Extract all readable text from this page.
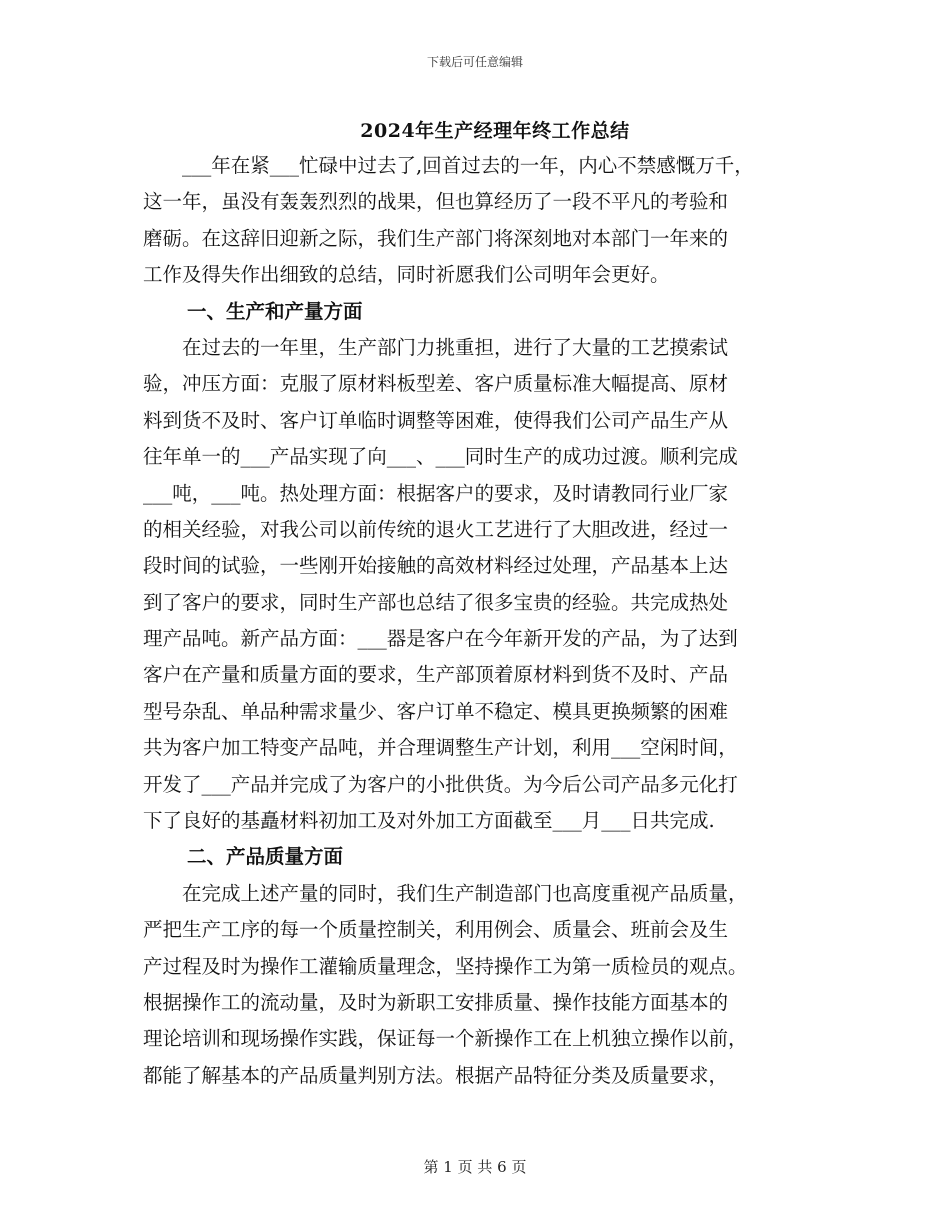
下载后可任意编辑
2024年生产经理年终工作总结
　　___年在紧___忙碌中过去了,回首过去的一年，内心不禁感慨万千，
这一年，虽没有轰轰烈烈的战果，但也算经历了一段不平凡的考验和
磨砺。在这辞旧迎新之际，我们生产部门将深刻地对本部门一年来的
工作及得失作出细致的总结，同时祈愿我们公司明年会更好。
一、生产和产量方面
　　在过去的一年里，生产部门力挑重担，进行了大量的工艺摸索试
验，冲压方面：克服了原材料板型差、客户质量标准大幅提高、原材
料到货不及时、客户订单临时调整等困难，使得我们公司产品生产从
往年单一的___产品实现了向___、___同时生产的成功过渡。顺利完成
___吨，___吨。热处理方面：根据客户的要求，及时请教同行业厂家
的相关经验，对我公司以前传统的退火工艺进行了大胆改进，经过一
段时间的试验，一些刚开始接触的高效材料经过处理，产品基本上达
到了客户的要求，同时生产部也总结了很多宝贵的经验。共完成热处
理产品吨。新产品方面：___器是客户在今年新开发的产品，为了达到
客户在产量和质量方面的要求，生产部顶着原材料到货不及时、产品
型号杂乱、单品种需求量少、客户订单不稳定、模具更换频繁的困难
共为客户加工特变产品吨，并合理调整生产计划，利用___空闲时间，
开发了___产品并完成了为客户的小批供货。为今后公司产品多元化打
下了良好的基矗材料初加工及对外加工方面截至___月___日共完成.
二、产品质量方面
　　在完成上述产量的同时，我们生产制造部门也高度重视产品质量，
严把生产工序的每一个质量控制关，利用例会、质量会、班前会及生
产过程及时为操作工灌输质量理念，坚持操作工为第一质检员的观点。
根据操作工的流动量，及时为新职工安排质量、操作技能方面基本的
理论培训和现场操作实践，保证每一个新操作工在上机独立操作以前，
都能了解基本的产品质量判别方法。根据产品特征分类及质量要求，
第 1 页 共 6 页
